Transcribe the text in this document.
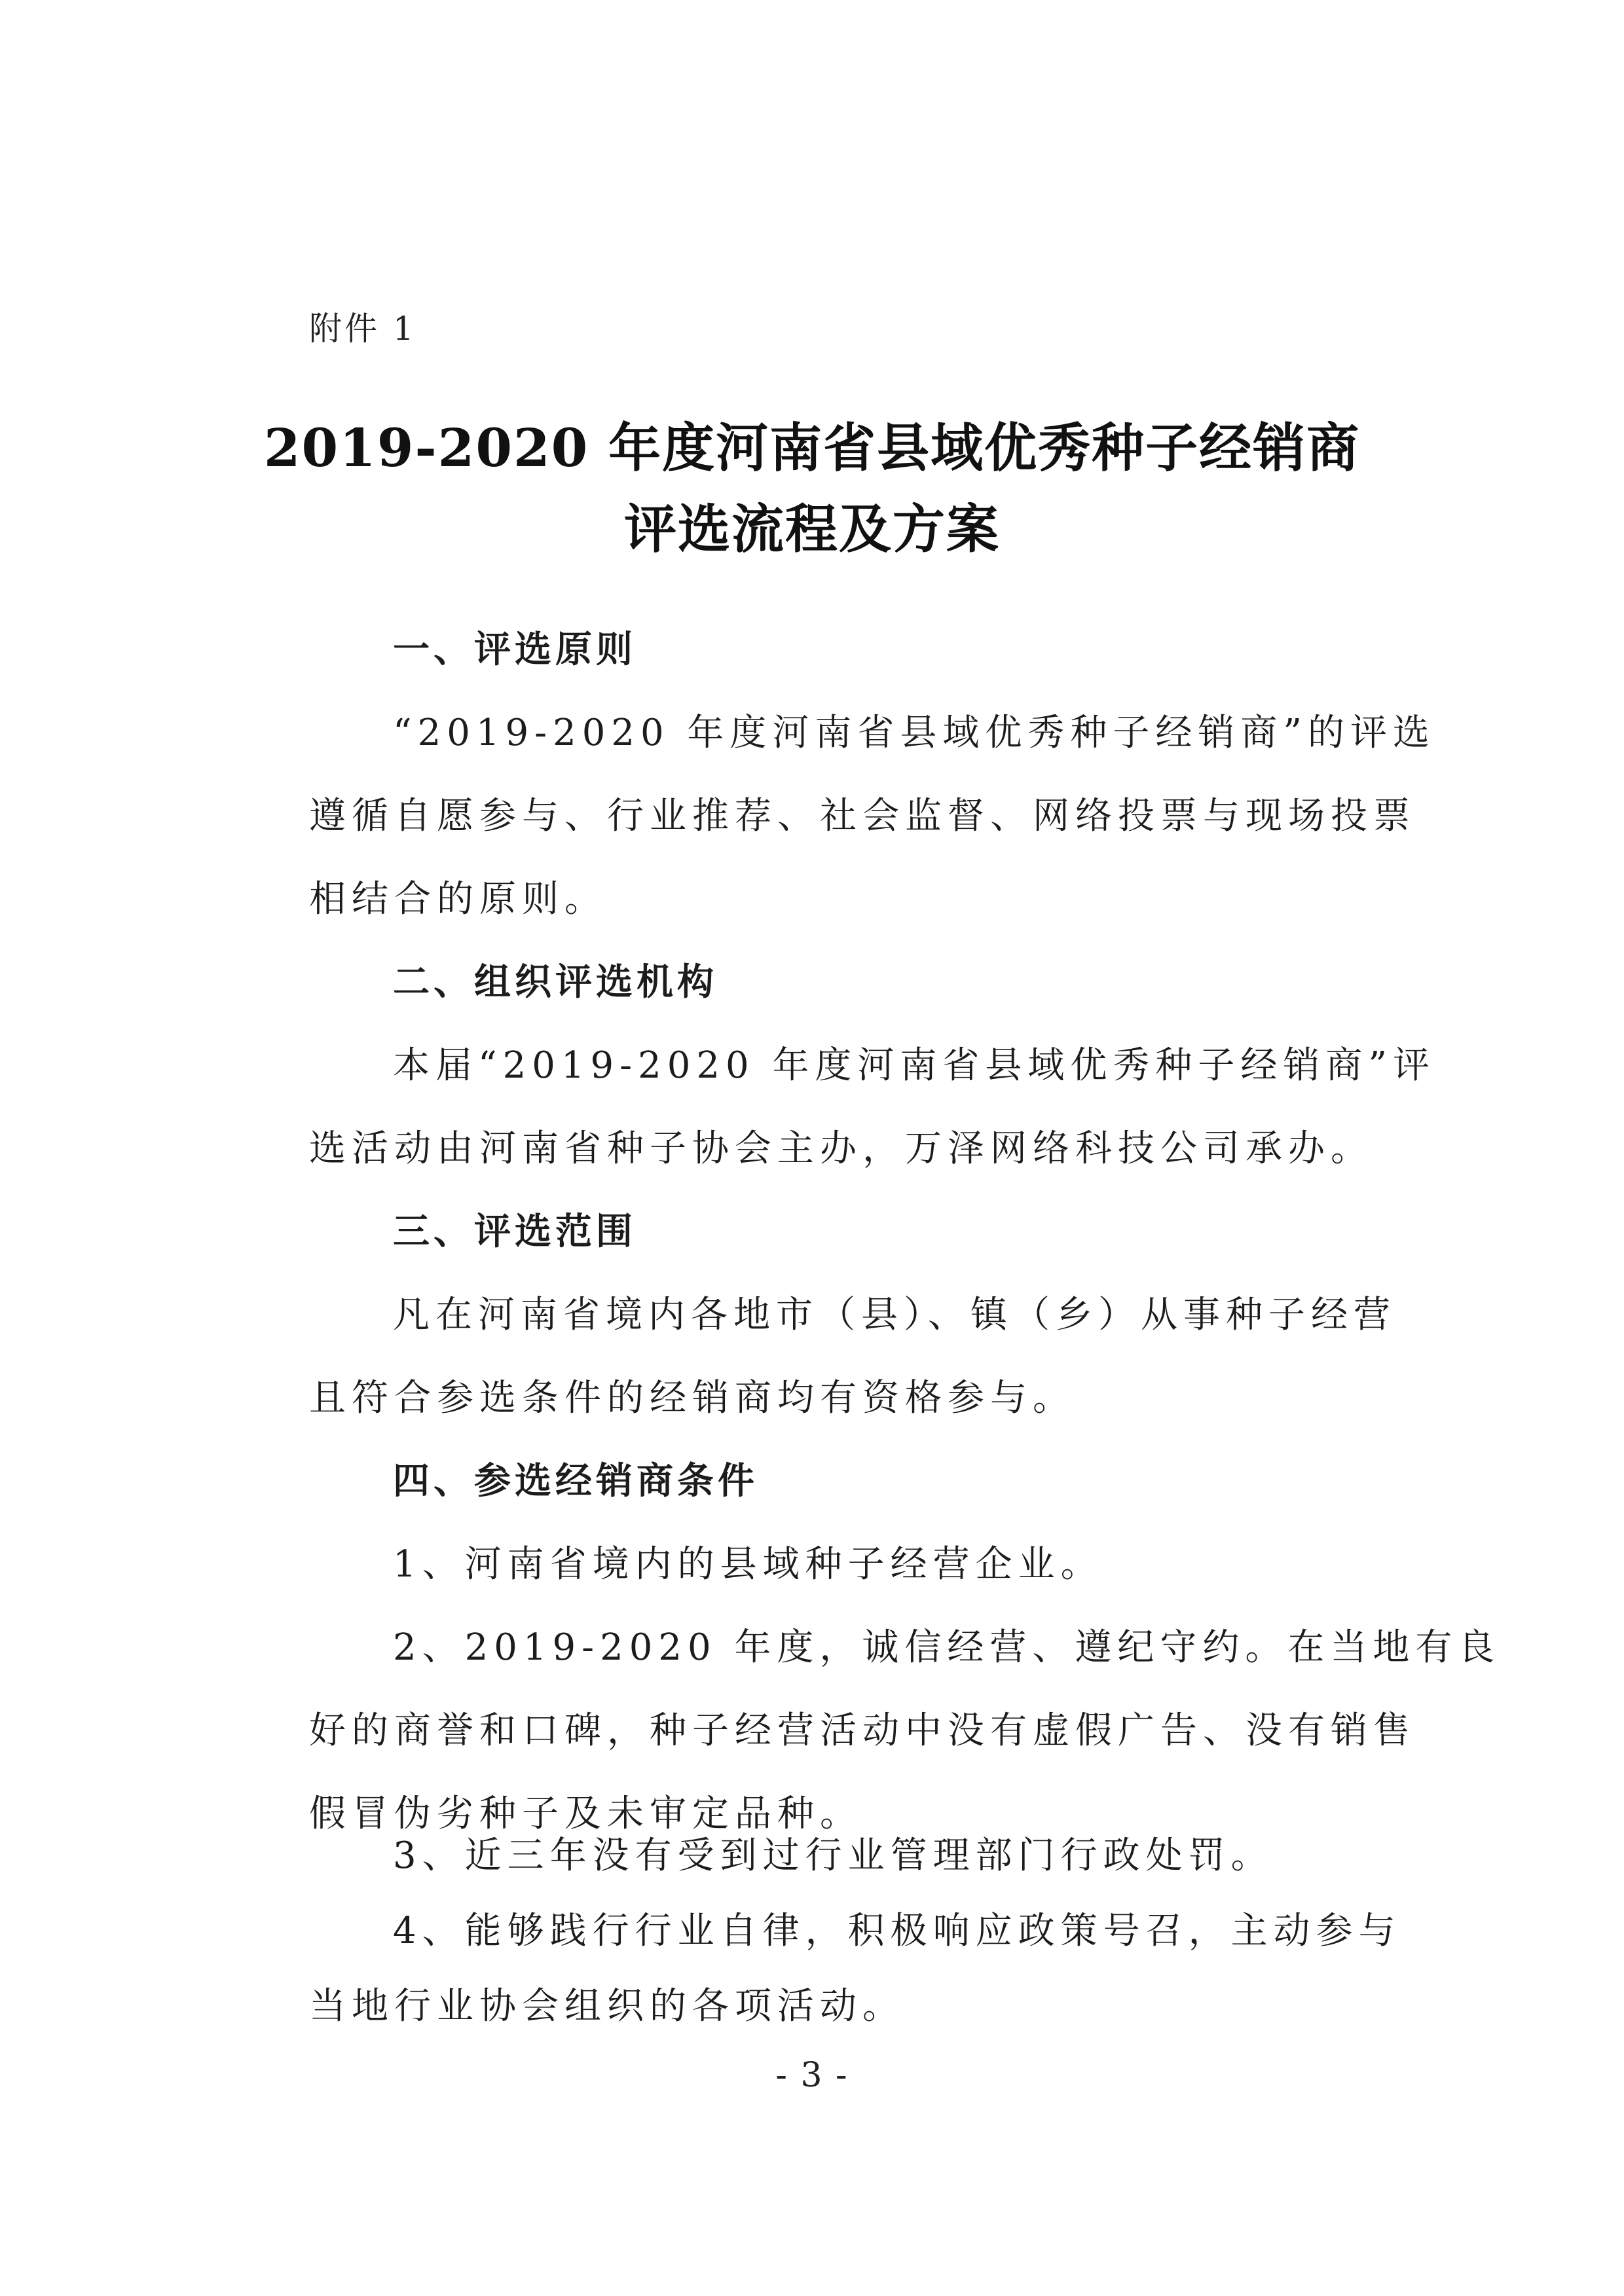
附件 1
2019-2020 年度河南省县域优秀种子经销商
评选流程及方案
一、评选原则
“2019-2020 年度河南省县域优秀种子经销商”的评选
遵循自愿参与、行业推荐、社会监督、网络投票与现场投票
相结合的原则。
二、组织评选机构
本届“2019-2020 年度河南省县域优秀种子经销商”评
选活动由河南省种子协会主办，万泽网络科技公司承办。
三、评选范围
凡在河南省境内各地市（县）、镇（乡）从事种子经营
且符合参选条件的经销商均有资格参与。
四、参选经销商条件
1、河南省境内的县域种子经营企业。
2、2019-2020 年度，诚信经营、遵纪守约。在当地有良
好的商誉和口碑，种子经营活动中没有虚假广告、没有销售
假冒伪劣种子及未审定品种。
3、近三年没有受到过行业管理部门行政处罚。
4、能够践行行业自律，积极响应政策号召，主动参与
- 3 -
当地行业协会组织的各项活动。
